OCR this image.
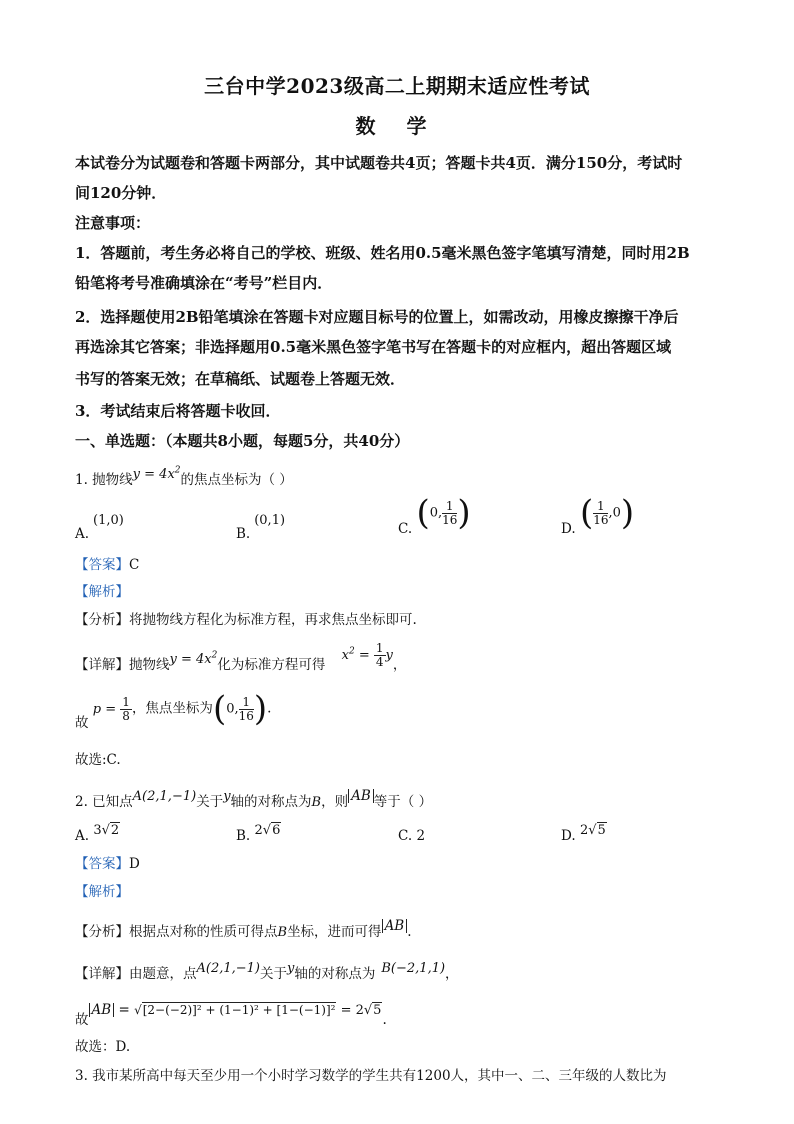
三台中学2023级高二上期期末适应性考试
数 学
本试卷分为试题卷和答题卡两部分，其中试题卷共4页；答题卡共4页．满分150分，考试时
间120分钟．
注意事项：
1．答题前，考生务必将自己的学校、班级、姓名用0.5毫米黑色签字笔填写清楚，同时用2B
铅笔将考号准确填涂在“考号”栏目内．
2．选择题使用2B铅笔填涂在答题卡对应题目标号的位置上，如需改动，用橡皮擦擦干净后
再选涂其它答案；非选择题用0.5毫米黑色签字笔书写在答题卡的对应框内，超出答题区域
书写的答案无效；在草稿纸、试题卷上答题无效．
3．考试结束后将答题卡收回．
一、单选题：（本题共8小题，每题5分，共40分）
1. 抛物线$y = 4x^2$的焦点坐标为（ ）
A.(1,0)
B.(0,1)	C. (0, $\frac{1}{16}$ )	D. ( $\frac{1}{16} ,0$)
【答案】C
【解析】
【分析】将抛物线方程化为标准方程，再求焦点坐标即可.
【详解】抛物线$y = 4x^2$化为标准方程可得 $x^2 = \frac{1}{4}$ y，
故 $p = \frac{1}{8}$ ，焦点坐标为(0, $\frac{1}{16}$ ).
故选:C.
2. 已知点A(2,1,−1)关于y轴的对称点为B，则 AB 等于（ ）
A. 3√2	B. 2√6	C. 2	D. 2√5
【答案】D
【解析】
【分析】根据点对称的性质可得点B坐标，进而可得 AB .
【详解】由题意，点A(2,1,−1)关于y轴的对称点为 B(−2,1,1)，
故AB = √[2−(−2)]² + (1−1)² + [1−(−1)]² = 2√5.
故选：D.
3. 我市某所高中每天至少用一个小时学习数学的学生共有1200人，其中一、二、三年级的人数比为
